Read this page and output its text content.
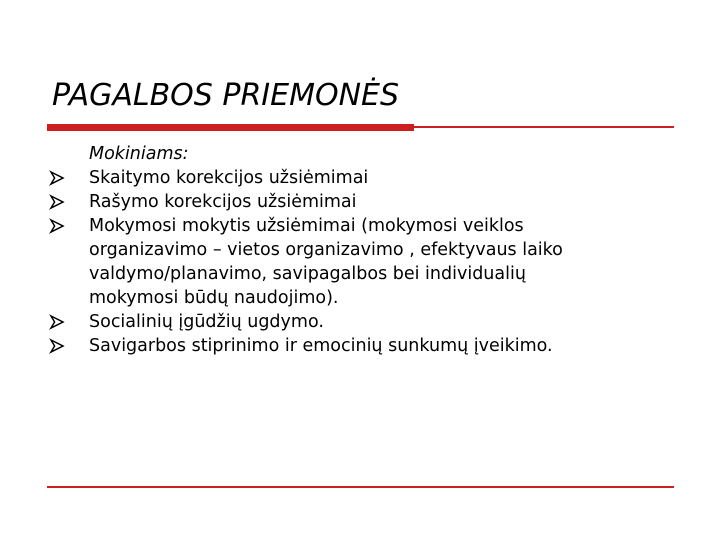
PAGALBOS PRIEMONĖS
Mokiniams:
Skaitymo korekcijos užsiėmimai
Rašymo korekcijos užsiėmimai
Mokymosi mokytis užsiėmimai (mokymosi veiklos
organizavimo – vietos organizavimo , efektyvaus laiko
valdymo/planavimo, savipagalbos bei individualių
mokymosi būdų naudojimo).
Socialinių įgūdžių ugdymo.
Savigarbos stiprinimo ir emocinių sunkumų įveikimo.
